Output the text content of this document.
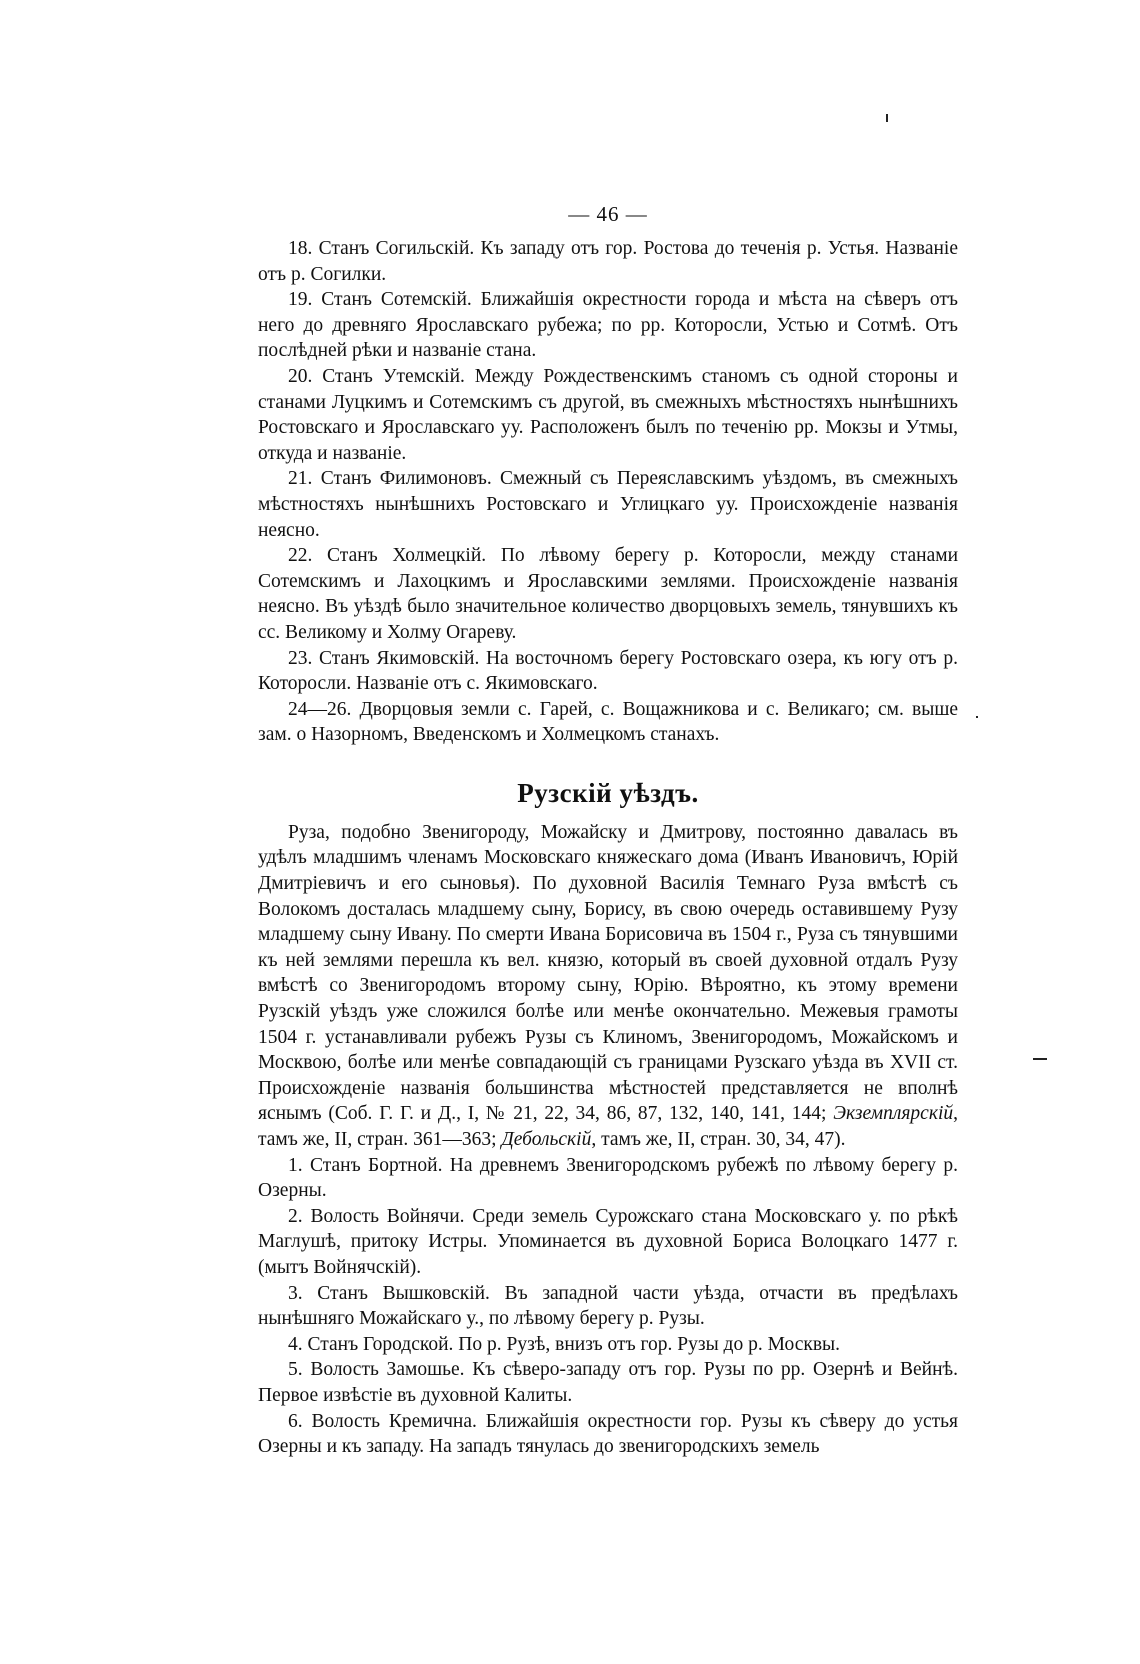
— 46 —

18. Станъ Согильскій. Къ западу отъ гор. Ростова до теченія р. Устья. Названіе отъ р. Согилки.

19. Станъ Сотемскій. Ближайшія окрестности города и мѣста на сѣверъ отъ него до древняго Ярославскаго рубежа; по рр. Которосли, Устью и Сотмѣ. Отъ послѣдней рѣки и названіе стана.

20. Станъ Утемскій. Между Рождественскимъ станомъ съ одной стороны и станами Луцкимъ и Сотемскимъ съ другой, въ смежныхъ мѣстностяхъ нынѣшнихъ Ростовскаго и Ярославскаго уу. Расположенъ былъ по теченію рр. Мокзы и Утмы, откуда и названіе.

21. Станъ Филимоновъ. Смежный съ Переяславскимъ уѣздомъ, въ смежныхъ мѣстностяхъ нынѣшнихъ Ростовскаго и Углицкаго уу. Происхожденіе названія неясно.

22. Станъ Холмецкій. По лѣвому берегу р. Которосли, между станами Сотемскимъ и Лахоцкимъ и Ярославскими землями. Происхожденіе названія неясно. Въ уѣздѣ было значительное количество дворцовыхъ земель, тянувшихъ къ сс. Великому и Холму Огареву.

23. Станъ Якимовскій. На восточномъ берегу Ростовскаго озера, къ югу отъ р. Которосли. Названіе отъ с. Якимовскаго.

24—26. Дворцовыя земли с. Гарей, с. Вощажникова и с. Великаго; см. выше зам. о Назорномъ, Введенскомъ и Холмецкомъ станахъ.

Рузскій уѣздъ.

Руза, подобно Звенигороду, Можайску и Дмитрову, постоянно давалась въ удѣлъ младшимъ членамъ Московскаго княжескаго дома (Иванъ Ивановичъ, Юрій Дмитріевичъ и его сыновья). По духовной Василія Темнаго Руза вмѣстѣ съ Волокомъ досталась младшему сыну, Борису, въ свою очередь оставившему Рузу младшему сыну Ивану. По смерти Ивана Борисовича въ 1504 г., Руза съ тянувшими къ ней землями перешла къ вел. князю, который въ своей духовной отдалъ Рузу вмѣстѣ со Звенигородомъ второму сыну, Юрію. Вѣроятно, къ этому времени Рузскій уѣздъ уже сложился болѣе или менѣе окончательно. Межевыя грамоты 1504 г. устанавливали рубежъ Рузы съ Клиномъ, Звенигородомъ, Можайскомъ и Москвою, болѣе или менѣе совпадающій съ границами Рузскаго уѣзда въ XVII ст. Происхожденіе названія большинства мѣстностей представляется не вполнѣ яснымъ (Соб. Г. Г. и Д., I, № 21, 22, 34, 86, 87, 132, 140, 141, 144; Экземплярскій, тамъ же, II, стран. 361—363; Дебольскій, тамъ же, II, стран. 30, 34, 47).

1. Станъ Бортной. На древнемъ Звенигородскомъ рубежѣ по лѣвому берегу р. Озерны.

2. Волость Войнячи. Среди земель Сурожскаго стана Московскаго у. по рѣкѣ Маглушѣ, притоку Истры. Упоминается въ духовной Бориса Волоцкаго 1477 г. (мытъ Войнячскій).

3. Станъ Вышковскій. Въ западной части уѣзда, отчасти въ предѣлахъ нынѣшняго Можайскаго у., по лѣвому берегу р. Рузы.

4. Станъ Городской. По р. Рузѣ, внизъ отъ гор. Рузы до р. Москвы.

5. Волость Замошье. Къ сѣверо-западу отъ гор. Рузы по рр. Озернѣ и Вейнѣ. Первое извѣстіе въ духовной Калиты.

6. Волость Кремична. Ближайшія окрестности гор. Рузы къ сѣверу до устья Озерны и къ западу. На западъ тянулась до звенигородскихъ земель
